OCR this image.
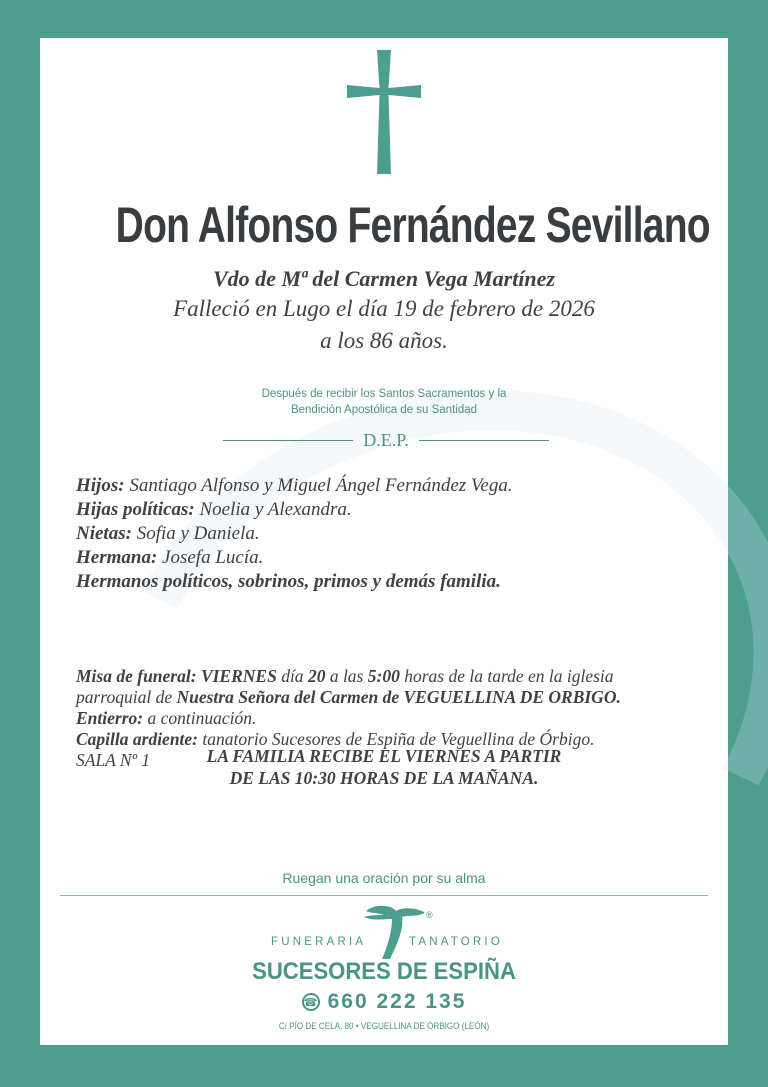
Don Alfonso Fernández Sevillano
Vdo de Mª del Carmen Vega Martínez
Falleció en Lugo el día 19 de febrero de 2026
a los 86 años.
Después de recibir los Santos Sacramentos y la
Bendición Apostólica de su Santidad
D.E.P.
Hijos: Santiago Alfonso y Miguel Ángel Fernández Vega.
Hijas políticas: Noelia y Alexandra.
Nietas: Sofia y Daniela.
Hermana: Josefa Lucía.
Hermanos políticos, sobrinos, primos y demás familia.
Misa de funeral: VIERNES día 20 a las 5:00 horas de la tarde en la iglesia
parroquial de Nuestra Señora del Carmen de VEGUELLINA DE ORBIGO.
Entierro: a continuación.
Capilla ardiente: tanatorio Sucesores de Espiña de Veguellina de Órbigo.
SALA Nº 1	LA FAMILIA RECIBE EL VIERNES A PARTIR
DE LAS 10:30 HORAS DE LA MAÑANA.
Ruegan una oración por su alma
®
FUNERARIA	TANATORIO
SUCESORES DE ESPIÑA
☎ 660 222 135
C/ PÍO DE CELA, 80 • VEGUELLINA DE ÓRBIGO (LEÓN)
